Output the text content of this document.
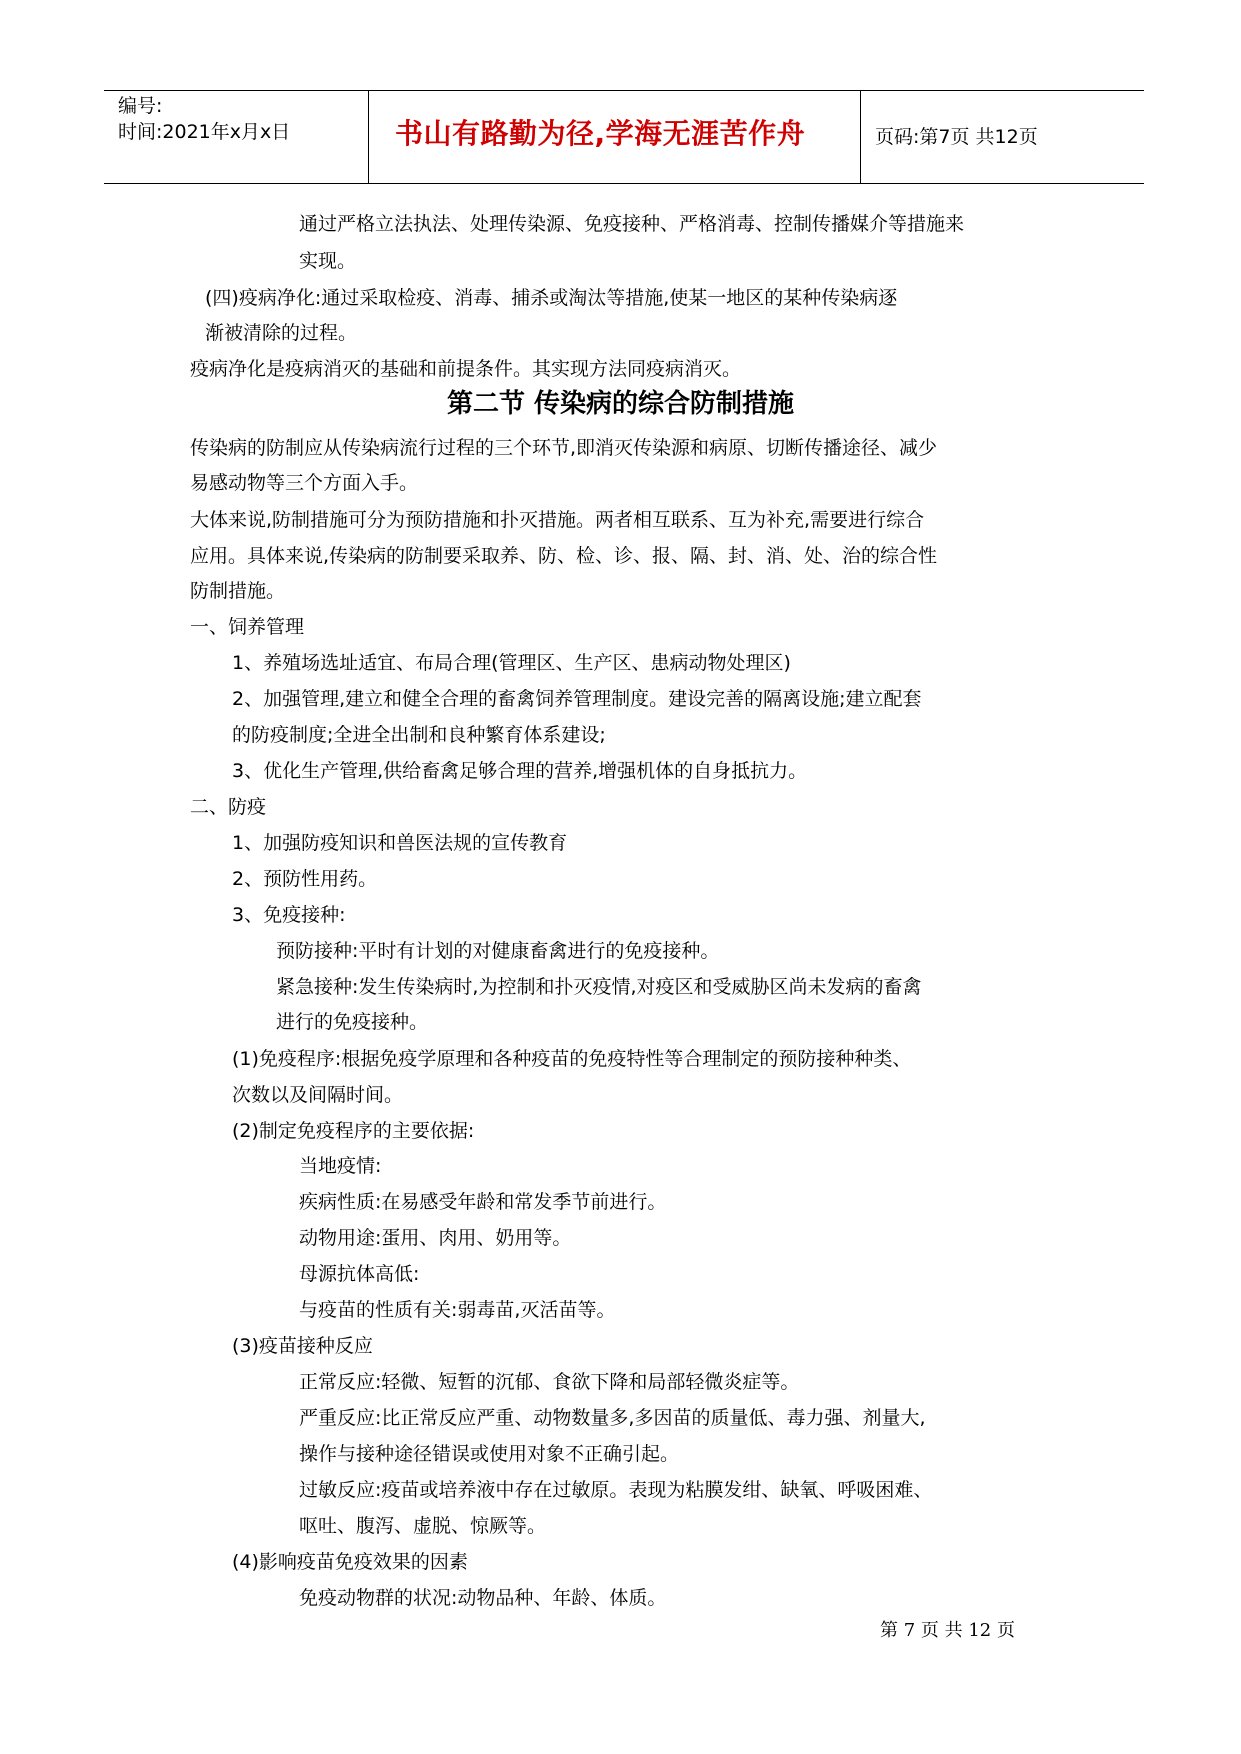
编号:
时间:2021年x月x日	书山有路勤为径,学海无涯苦作舟	页码:第7页 共12页
通过严格立法执法、处理传染源、免疫接种、严格消毒、控制传播媒介等措施来
实现。
(四)疫病净化:通过采取检疫、消毒、捕杀或淘汰等措施,使某一地区的某种传染病逐
渐被清除的过程。
疫病净化是疫病消灭的基础和前提条件。其实现方法同疫病消灭。
第二节 传染病的综合防制措施
传染病的防制应从传染病流行过程的三个环节,即消灭传染源和病原、切断传播途径、减少
易感动物等三个方面入手。
大体来说,防制措施可分为预防措施和扑灭措施。两者相互联系、互为补充,需要进行综合
应用。具体来说,传染病的防制要采取养、防、检、诊、报、隔、封、消、处、治的综合性
防制措施。
一、饲养管理
1、养殖场选址适宜、布局合理(管理区、生产区、患病动物处理区)
2、加强管理,建立和健全合理的畜禽饲养管理制度。建设完善的隔离设施;建立配套
的防疫制度;全进全出制和良种繁育体系建设;
3、优化生产管理,供给畜禽足够合理的营养,增强机体的自身抵抗力。
二、防疫
1、加强防疫知识和兽医法规的宣传教育
2、预防性用药。
3、免疫接种:
预防接种:平时有计划的对健康畜禽进行的免疫接种。
紧急接种:发生传染病时,为控制和扑灭疫情,对疫区和受威胁区尚未发病的畜禽
进行的免疫接种。
(1)免疫程序:根据免疫学原理和各种疫苗的免疫特性等合理制定的预防接种种类、
次数以及间隔时间。
(2)制定免疫程序的主要依据:
当地疫情:
疾病性质:在易感受年龄和常发季节前进行。
动物用途:蛋用、肉用、奶用等。
母源抗体高低:
与疫苗的性质有关:弱毒苗,灭活苗等。
(3)疫苗接种反应
正常反应:轻微、短暂的沉郁、食欲下降和局部轻微炎症等。
严重反应:比正常反应严重、动物数量多,多因苗的质量低、毒力强、剂量大,
操作与接种途径错误或使用对象不正确引起。
过敏反应:疫苗或培养液中存在过敏原。表现为粘膜发绀、缺氧、呼吸困难、
呕吐、腹泻、虚脱、惊厥等。
(4)影响疫苗免疫效果的因素
免疫动物群的状况:动物品种、年龄、体质。
第 7 页 共 12 页
